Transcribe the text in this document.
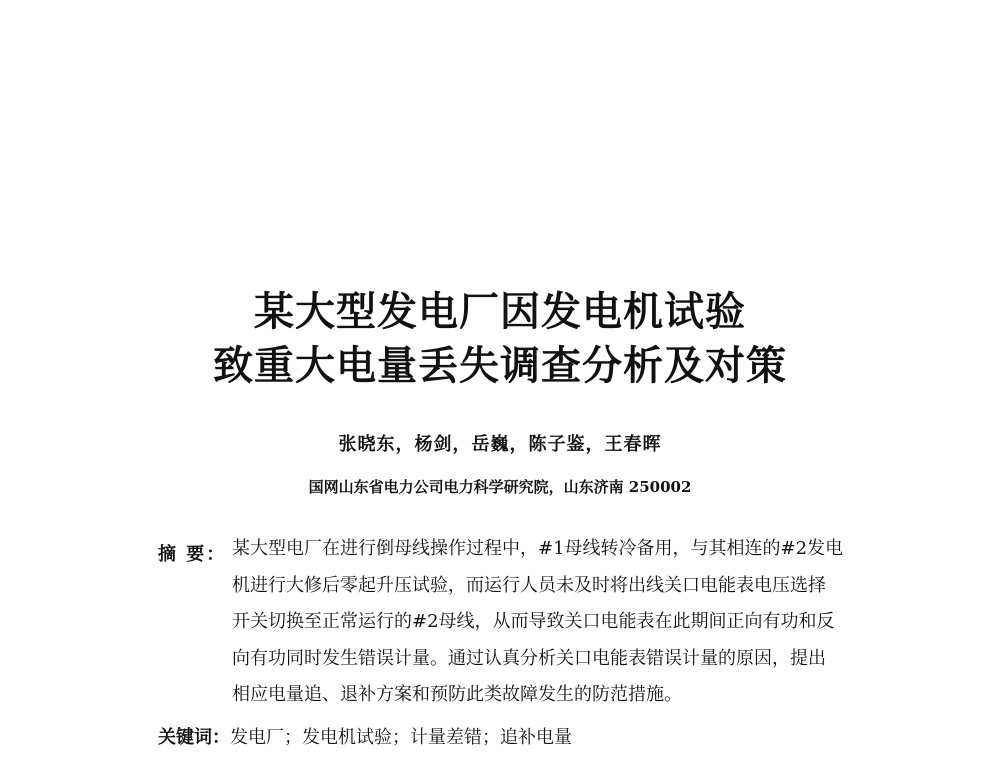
某大型发电厂因发电机试验
致重大电量丢失调查分析及对策
张晓东，杨剑，岳巍，陈子鉴，王春晖
国网山东省电力公司电力科学研究院，山东济南 250002
摘 要： 某大型电厂在进行倒母线操作过程中，#1母线转冷备用，与其相连的#2发电
机进行大修后零起升压试验，而运行人员未及时将出线关口电能表电压选择
开关切换至正常运行的#2母线，从而导致关口电能表在此期间正向有功和反
向有功同时发生错误计量。通过认真分析关口电能表错误计量的原因，提出
相应电量追、退补方案和预防此类故障发生的防范措施。
关键词：发电厂；发电机试验；计量差错；追补电量
